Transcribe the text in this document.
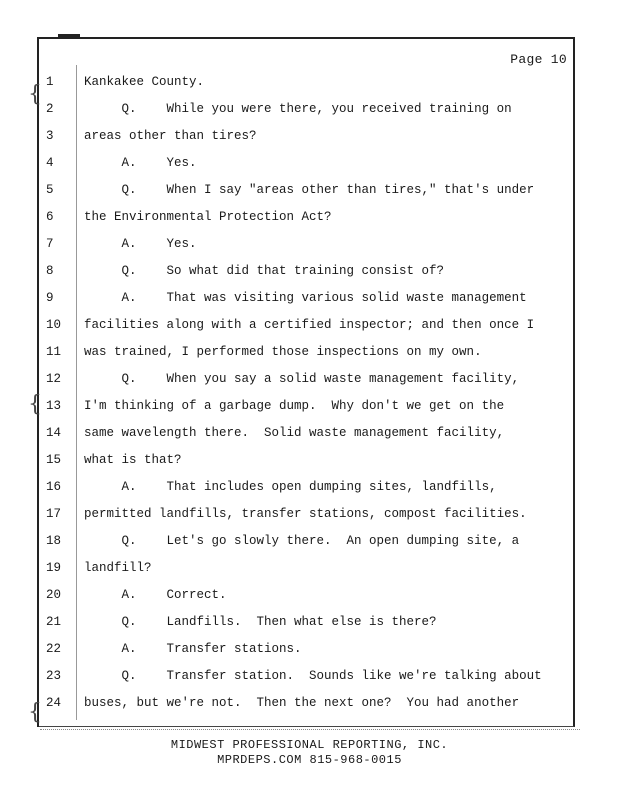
{
{
{
Page 10
1	Kankakee County.
2	Q.    While you were there, you received training on
3	areas other than tires?
4	A.    Yes.
5	Q.    When I say "areas other than tires," that's under
6	the Environmental Protection Act?
7	A.    Yes.
8	Q.    So what did that training consist of?
9	A.    That was visiting various solid waste management
10	facilities along with a certified inspector; and then once I
11	was trained, I performed those inspections on my own.
12	Q.    When you say a solid waste management facility,
13	I'm thinking of a garbage dump.  Why don't we get on the
14	same wavelength there.  Solid waste management facility,
15	what is that?
16	A.    That includes open dumping sites, landfills,
17	permitted landfills, transfer stations, compost facilities.
18	Q.    Let's go slowly there.  An open dumping site, a
19	landfill?
20	A.    Correct.
21	Q.    Landfills.  Then what else is there?
22	A.    Transfer stations.
23	Q.    Transfer station.  Sounds like we're talking about
24	buses, but we're not.  Then the next one?  You had another
MIDWEST PROFESSIONAL REPORTING, INC.
MPRDEPS.COM 815-968-0015
